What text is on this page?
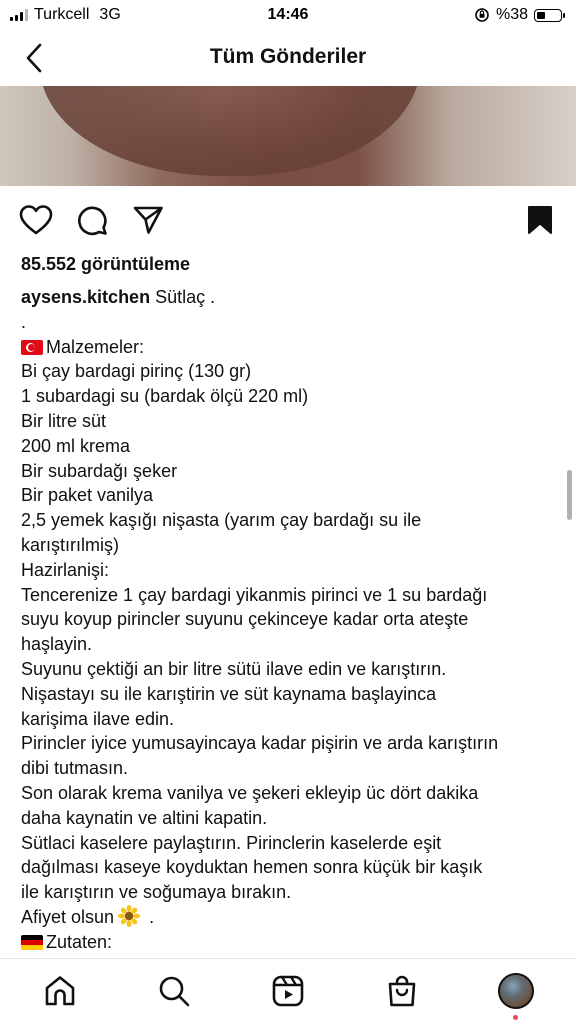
Turkcell 3G	14:46	%38
Tüm Gönderiler
85.552 görüntüleme
aysens.kitchen Sütlaç .
.
Malzemeler:
Bi çay bardagi pirinç (130 gr)
1 subardagi su (bardak ölçü 220 ml)
Bir litre süt
200 ml krema
Bir subardağı şeker
Bir paket vanilya
2,5 yemek kaşığı nişasta (yarım çay bardağı su ile
karıştırılmiş)
Hazirlanişi:
Tencerenize 1 çay bardagi yikanmis pirinci ve 1 su bardağı
suyu koyup pirincler suyunu çekinceye kadar orta ateşte
haşlayin.
Suyunu çektiği an bir litre sütü ilave edin ve karıştırın.
Nişastayı su ile karıştirin ve süt kaynama başlayinca
karişima ilave edin.
Pirincler iyice yumusayincaya kadar pişirin ve arda karıştırın
dibi tutmasın.
Son olarak krema vanilya ve şekeri ekleyip üc dört dakika
daha kaynatin ve altini kapatin.
Sütlaci kaselere paylaştırın. Pirinclerin kaselerde eşit
dağılması kaseye koyduktan hemen sonra küçük bir kaşık
ile karıştırın ve soğumaya bırakın.
Afiyet olsun .
Zutaten:
